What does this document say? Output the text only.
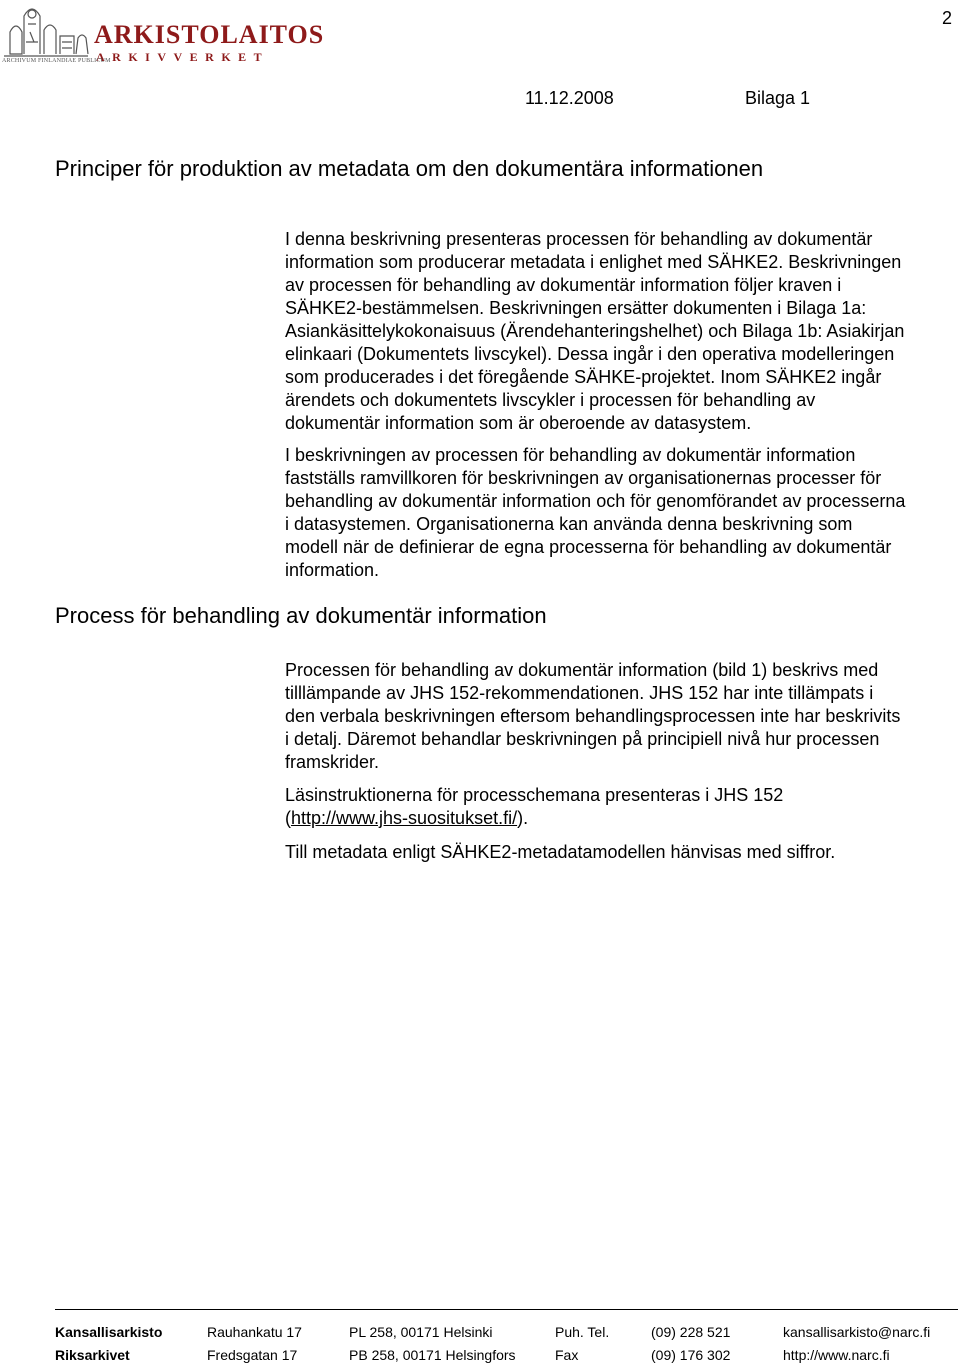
ARKISTOLAITOS
ARKIVVERKET
ARCHIVUM FINLANDIAE PUBLICUM
2
11.12.2008	Bilaga 1
Principer för produktion av metadata om den dokumentära informationen
I denna beskrivning presenteras processen för behandling av dokumentär
information som producerar metadata i enlighet med SÄHKE2. Beskrivningen
av processen för behandling av dokumentär information följer kraven i
SÄHKE2-bestämmelsen. Beskrivningen ersätter dokumenten i Bilaga 1a:
Asiankäsittelykokonaisuus (Ärendehanteringshelhet) och Bilaga 1b: Asiakirjan
elinkaari (Dokumentets livscykel). Dessa ingår i den operativa modelleringen
som producerades i det föregående SÄHKE-projektet. Inom SÄHKE2 ingår
ärendets och dokumentets livscykler i processen för behandling av
dokumentär information som är oberoende av datasystem.
I beskrivningen av processen för behandling av dokumentär information
fastställs ramvillkoren för beskrivningen av organisationernas processer för
behandling av dokumentär information och för genomförandet av processerna
i datasystemen. Organisationerna kan använda denna beskrivning som
modell när de definierar de egna processerna för behandling av dokumentär
information.
Process för behandling av dokumentär information
Processen för behandling av dokumentär information (bild 1) beskrivs med
tilllämpande av JHS 152-rekommendationen. JHS 152 har inte tillämpats i
den verbala beskrivningen eftersom behandlingsprocessen inte har beskrivits
i detalj. Däremot behandlar beskrivningen på principiell nivå hur processen
framskrider.
Läsinstruktionerna för processchemana presenteras i JHS 152
(http://www.jhs-suositukset.fi/).
Till metadata enligt SÄHKE2-metadatamodellen hänvisas med siffror.
Kansallisarkisto	Rauhankatu 17	PL 258, 00171 Helsinki	Puh. Tel.	(09) 228 521	kansallisarkisto@narc.fi
Riksarkivet	Fredsgatan 17	PB 258, 00171 Helsingfors	Fax	(09) 176 302	http://www.narc.fi
